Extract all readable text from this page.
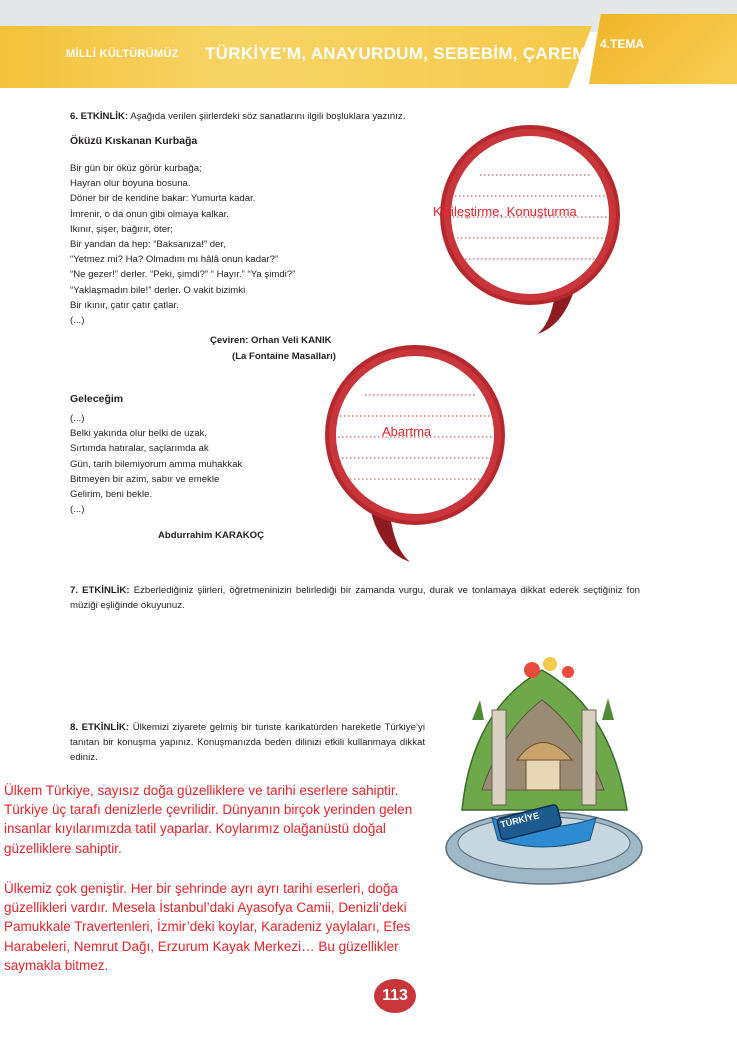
MİLLİ KÜLTÜRÜMÜZ TÜRKİYE’M, ANAYURDUM, SEBEBİM, ÇAREM! 4.TEMA
6. ETKİNLİK: Aşağıda verilen şiirlerdeki söz sanatlarını ilgili boşluklara yazınız.
Öküzü Kıskanan Kurbağa
Bir gün bir öküz görür kurbağa;
Hayran olur boyuna bosuna.
Döner bir de kendine bakar: Yumurta kadar.
İmrenir, o da onun gibi olmaya kalkar.
Ikınır, şişer, bağırır, öter;
Bir yandan da hep: “Baksanıza!” der,
“Yetmez mi? Ha? Olmadım mı hâlâ onun kadar?”
“Ne gezer!” derler. “Peki, şimdi?” “ Hayır.” “Ya şimdi?”
“Yaklaşmadın bile!” derler. O vakit bizimki
Bir ıkınır, çatır çatır çatlar.
(...)
Çeviren: Orhan Veli KANIK
(La Fontaine Masalları)
Kişileştirme, Konuşturma
Geleceğim
(...)
Belki yakında olur belki de uzak,
Sırtımda hatıralar, saçlarımda ak
Gün, tarih bilemiyorum amma muhakkak
Bitmeyen bir azim, sabır ve emekle
Gelirim, beni bekle.
(...)
Abdurrahim KARAKOÇ
Abartma
7. ETKİNLİK: Ezberlediğiniz şiirleri, öğretmeninizin belirlediği bir zamanda vurgu, durak ve tonlamaya dikkat ederek seçtiğiniz fon müziği eşliğinde okuyunuz.
8. ETKİNLİK: Ülkemizi ziyarete gelmiş bir turiste karikatürden hareketle Türkiye’yi tanıtan bir konuşma yapınız. Konuşmanızda beden dilinizi etkili kullanmaya dikkat ediniz.
TÜRKİYE
Ülkem Türkiye, sayısız doğa güzelliklere ve tarihi eserlere sahiptir. Türkiye üç tarafı denizlerle çevrilidir. Dünyanın birçok yerinden gelen insanlar kıyılarımızda tatil yaparlar. Koylarımız olağanüstü doğal güzelliklere sahiptir.
Ülkemiz çok geniştir. Her bir şehrinde ayrı ayrı tarihi eserleri, doğa güzellikleri vardır. Mesela İstanbul’daki Ayasofya Camii, Denizli’deki Pamukkale Travertenleri, İzmir’deki koylar, Karadeniz yaylaları, Efes Harabeleri, Nemrut Dağı, Erzurum Kayak Merkezi… Bu güzellikler saymakla bitmez.
113
